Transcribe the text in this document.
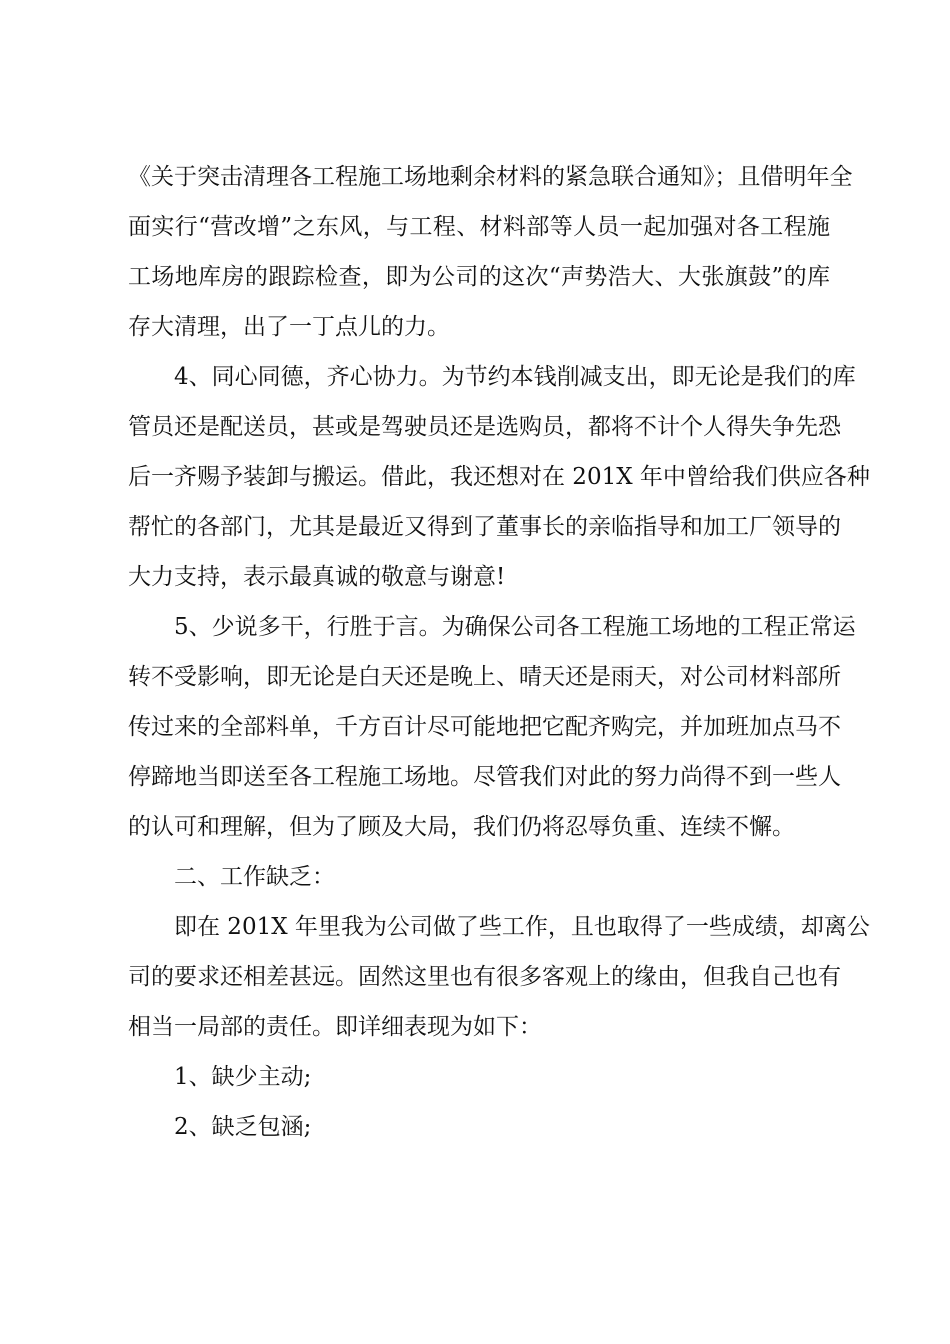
《关于突击清理各工程施工场地剩余材料的紧急联合通知》；且借明年全
面实行“营改增”之东风，与工程、材料部等人员一起加强对各工程施
工场地库房的跟踪检查，即为公司的这次“声势浩大、大张旗鼓”的库
存大清理，出了一丁点儿的力。
4、同心同德，齐心协力。为节约本钱削减支出，即无论是我们的库
管员还是配送员，甚或是驾驶员还是选购员，都将不计个人得失争先恐
后一齐赐予装卸与搬运。借此，我还想对在 201X 年中曾给我们供应各种
帮忙的各部门，尤其是最近又得到了董事长的亲临指导和加工厂领导的
大力支持，表示最真诚的敬意与谢意!
5、少说多干，行胜于言。为确保公司各工程施工场地的工程正常运
转不受影响，即无论是白天还是晚上、晴天还是雨天，对公司材料部所
传过来的全部料单，千方百计尽可能地把它配齐购完，并加班加点马不
停蹄地当即送至各工程施工场地。尽管我们对此的努力尚得不到一些人
的认可和理解，但为了顾及大局，我们仍将忍辱负重、连续不懈。
二、工作缺乏：
即在 201X 年里我为公司做了些工作，且也取得了一些成绩，却离公
司的要求还相差甚远。固然这里也有很多客观上的缘由，但我自己也有
相当一局部的责任。即详细表现为如下：
1、缺少主动;
2、缺乏包涵;
